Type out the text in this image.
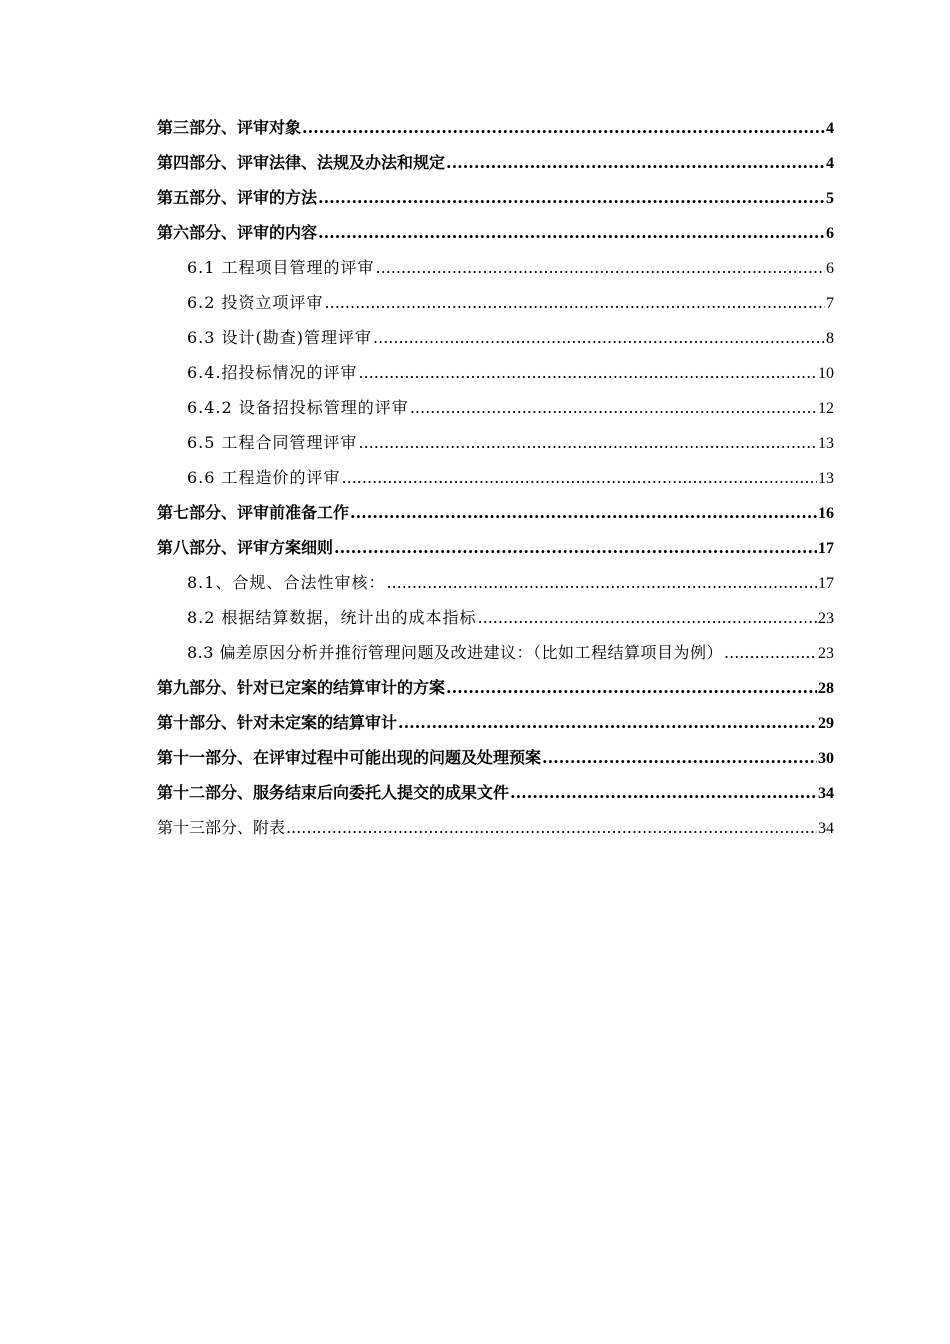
第三部分、评审对象 .....	4
第四部分、评审法律、法规及办法和规定 .....	4
第五部分、评审的方法 .....	5
第六部分、评审的内容 .....	6
6.1 工程项目管理的评审 .....	6
6.2 投资立项评审 .....	7
6.3 设计(勘查)管理评审 .....	8
6.4.招投标情况的评审 .....	10
6.4.2 设备招投标管理的评审 .....	12
6.5 工程合同管理评审 .....	13
6.6 工程造价的评审 .....	13
第七部分、评审前准备工作 .....	16
第八部分、评审方案细则 .....	17
8.1、合规、合法性审核： .....	17
8.2 根据结算数据，统计出的成本指标 .....	23
8.3 偏差原因分析并推衍管理问题及改进建议：（比如工程结算项目为例） .....	23
第九部分、针对已定案的结算审计的方案 .....	28
第十部分、针对未定案的结算审计 .....	29
第十一部分、在评审过程中可能出现的问题及处理预案 .....	30
第十二部分、服务结束后向委托人提交的成果文件 .....	34
第十三部分、附表 .....	34
